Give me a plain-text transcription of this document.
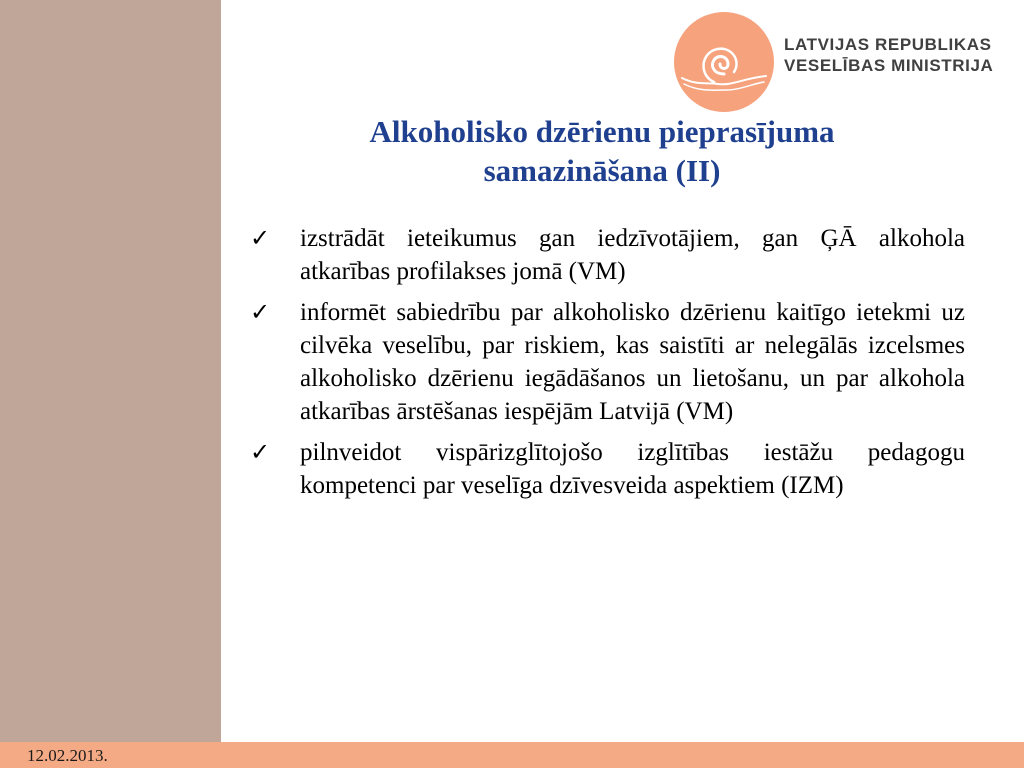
LATVIJAS REPUBLIKAS
VESELĪBAS MINISTRIJA
Alkoholisko dzērienu pieprasījuma
samazināšana (II)
✓ izstrādāt ieteikumus gan iedzīvotājiem, gan ĢĀ alkohola atkarības profilakses jomā (VM)
✓ informēt sabiedrību par alkoholisko dzērienu kaitīgo ietekmi uz cilvēka veselību, par riskiem, kas saistīti ar nelegālās izcelsmes alkoholisko dzērienu iegādāšanos un lietošanu, un par alkohola atkarības ārstēšanas iespējām Latvijā (VM)
✓ pilnveidot vispārizglītojošo izglītības iestāžu pedagogu kompetenci par veselīga dzīvesveida aspektiem (IZM)
12.02.2013.
